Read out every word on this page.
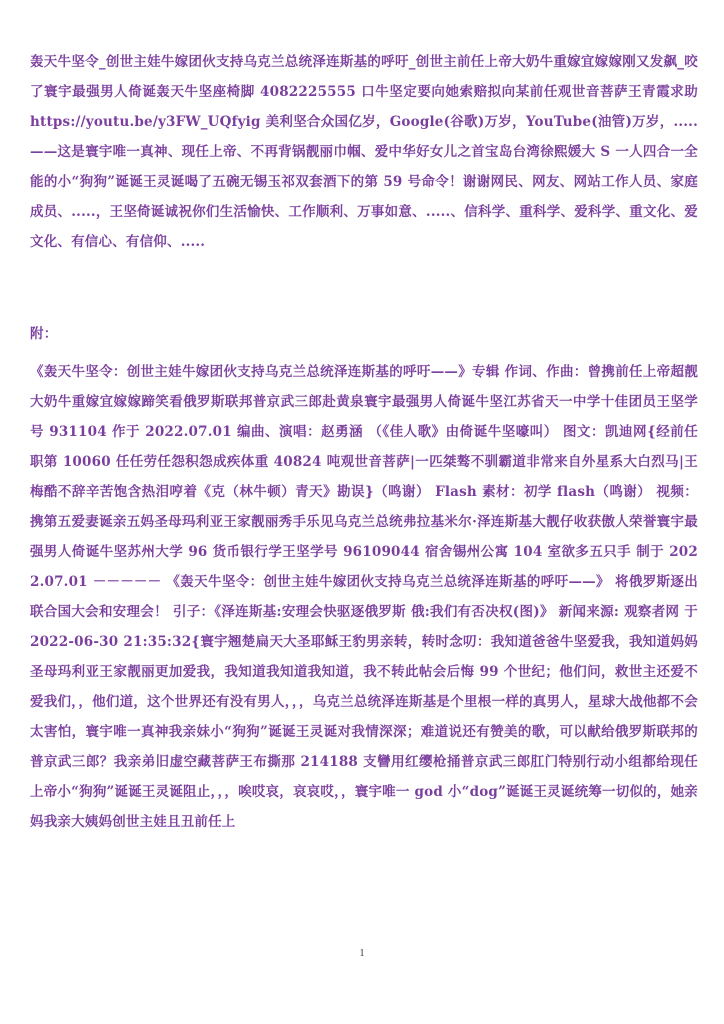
轰天牛坚令_创世主娃牛嫁团伙支持乌克兰总统泽连斯基的呼吁_创世主前任上帝大奶牛重嫁宜嫁嫁刚又发飙_咬了寰宇最强男人倚诞轰天牛坚座椅脚 4082225555 口牛坚定要向她索赔拟向某前任观世音菩萨王青霞求助 https://youtu.be/y3FW_UQfyig 美利坚合众国亿岁，Google(谷歌)万岁，YouTube(油管)万岁，.....——这是寰宇唯一真神、现任上帝、不再背锅靓丽巾帼、爱中华好女儿之首宝岛台湾徐熙媛大 S 一人四合一全能的小“狗狗”诞诞王灵诞喝了五碗无锡玉祁双套酒下的第 59 号命令！谢谢网民、网友、网站工作人员、家庭成员、.....，王坚倚诞诚祝你们生活愉快、工作顺利、万事如意、.....、信科学、重科学、爱科学、重文化、爱文化、有信心、有信仰、.....

附：

《轰天牛坚令：创世主娃牛嫁团伙支持乌克兰总统泽连斯基的呼吁——》专辑 作词、作曲：曾携前任上帝超靓大奶牛重嫁宜嫁嫁蹄笑看俄罗斯联邦普京武三郎赴黄泉寰宇最强男人倚诞牛坚江苏省天一中学十佳团员王坚学号 931104 作于 2022.07.01 编曲、演唱：赵勇涵 （《佳人歌》由倚诞牛坚嚎叫） 图文：凯迪网{经前任职第 10060 任任劳任怨积怨成疾体重 40824 吨观世音菩萨|一匹桀骜不驯霸道非常来自外星系大白烈马|王梅酷不辞辛苦饱含热泪哼着《克（林牛顿）青天》勘误}（鸣谢） Flash 素材：初学 flash（鸣谢） 视频：携第五爱妻诞亲五妈圣母玛利亚王家靓丽秀手乐见乌克兰总统弗拉基米尔·泽连斯基大靓仔收获傲人荣誉寰宇最强男人倚诞牛坚苏州大学 96 货币银行学王坚学号 96109044 宿舍锡州公寓 104 室欲多五只手 制于 2022.07.01 －－－－－ 《轰天牛坚令：创世主娃牛嫁团伙支持乌克兰总统泽连斯基的呼吁——》 将俄罗斯逐出联合国大会和安理会！ 引子：《泽连斯基:安理会快驱逐俄罗斯 俄:我们有否决权(图)》 新闻来源: 观察者网 于 2022-06-30 21:35:32{寰宇翘楚扁天大圣耶稣王豹男亲转，转时念叨：我知道爸爸牛坚爱我，我知道妈妈圣母玛利亚王家靓丽更加爱我，我知道我知道我知道，我不转此帖会后悔 99 个世纪；他们问，救世主还爱不爱我们，，他们道，这个世界还有没有男人，，，乌克兰总统泽连斯基是个里根一样的真男人，星球大战他都不会太害怕，寰宇唯一真神我亲妹小“狗狗”诞诞王灵诞对我情深深；难道说还有赞美的歌，可以献给俄罗斯联邦的普京武三郎？我亲弟旧虚空藏菩萨王布撕那 214188 支矕用红缨枪捅普京武三郎肛门特别行动小组都给现任上帝小“狗狗”诞诞王灵诞阻止，，，唉哎哀，哀哀哎，，寰宇唯一 god 小“dog”诞诞王灵诞统筹一切似的，她亲妈我亲大姨妈创世主娃且丑前任上

1
